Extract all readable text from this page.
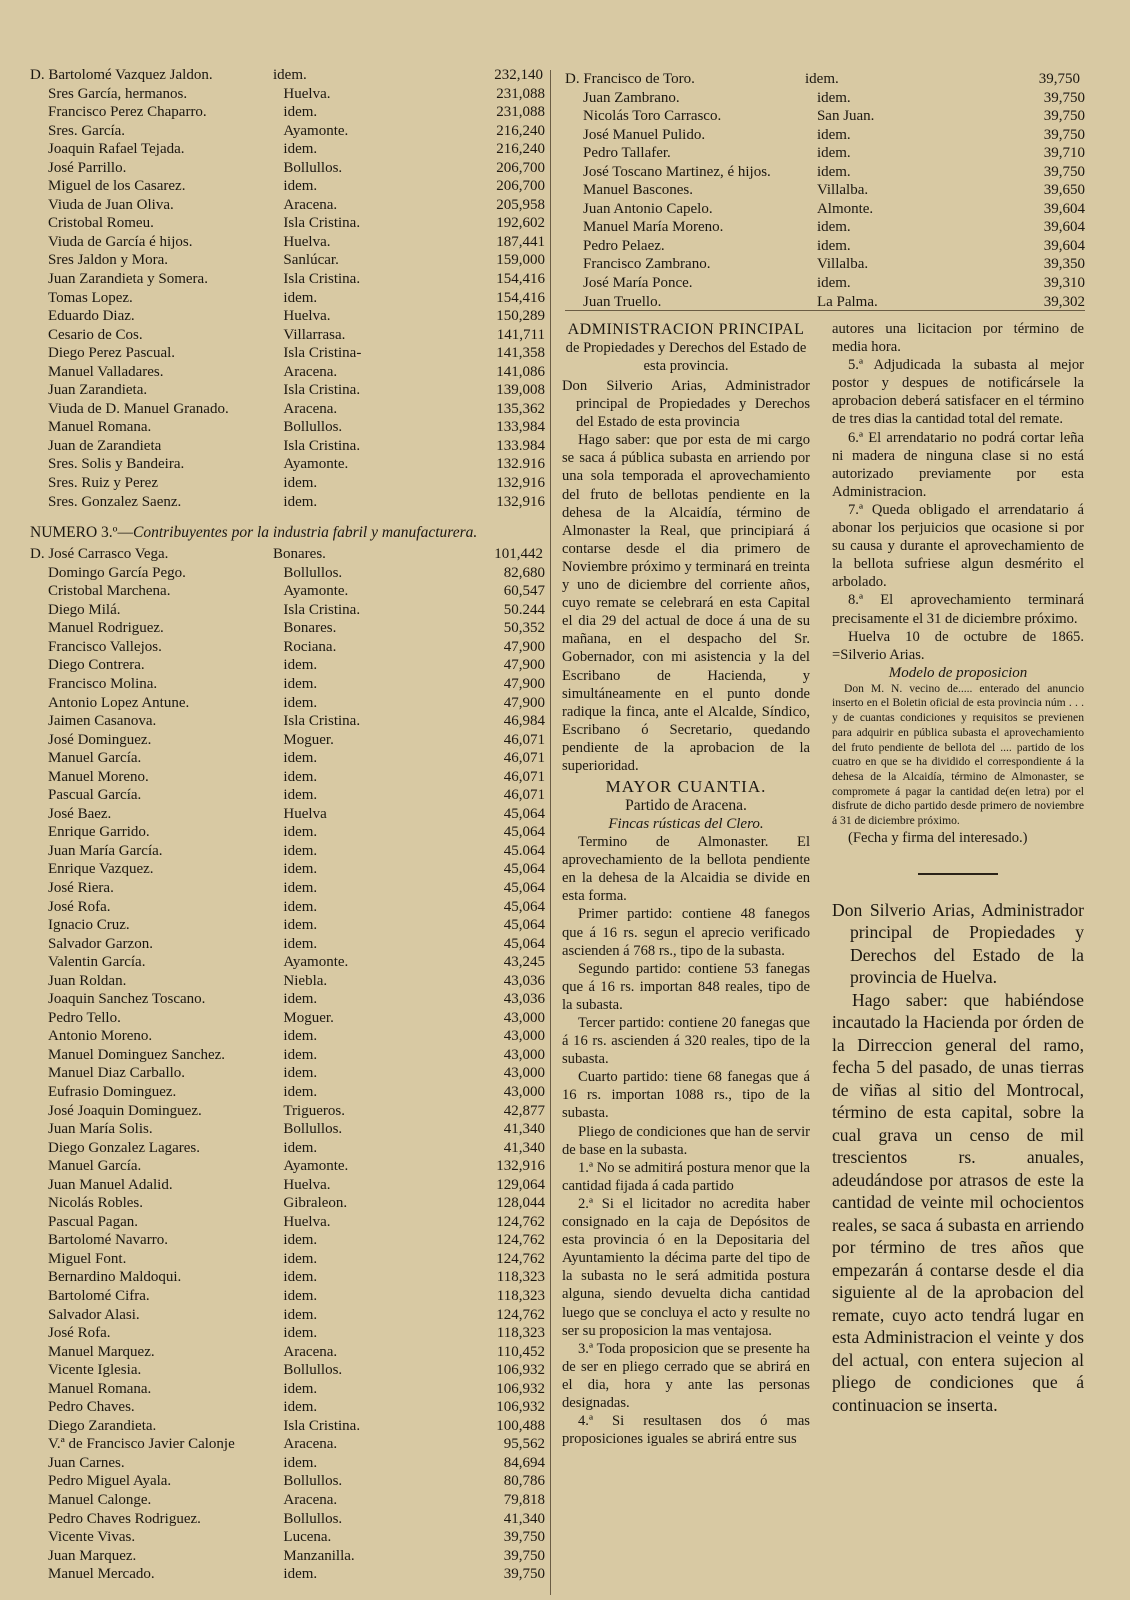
D. Bartolomé Vazquez Jaldon.	idem.	232,140
Sres García, hermanos.	Huelva.	231,088
Francisco Perez Chaparro.	idem.	231,088
Sres. García.	Ayamonte.	216,240
Joaquin Rafael Tejada.	idem.	216,240
José Parrillo.	Bollullos.	206,700
Miguel de los Casarez.	idem.	206,700
Viuda de Juan Oliva.	Aracena.	205,958
Cristobal Romeu.	Isla Cristina.	192,602
Viuda de García é hijos.	Huelva.	187,441
Sres Jaldon y Mora.	Sanlúcar.	159,000
Juan Zarandieta y Somera.	Isla Cristina.	154,416
Tomas Lopez.	idem.	154,416
Eduardo Diaz.	Huelva.	150,289
Cesario de Cos.	Villarrasa.	141,711
Diego Perez Pascual.	Isla Cristina-	141,358
Manuel Valladares.	Aracena.	141,086
Juan Zarandieta.	Isla Cristina.	139,008
Viuda de D. Manuel Granado.	Aracena.	135,362
Manuel Romana.	Bollullos.	133,984
Juan de Zarandieta	Isla Cristina.	133.984
Sres. Solis y Bandeira.	Ayamonte.	132.916
Sres. Ruiz y Perez	idem.	132,916
Sres. Gonzalez Saenz.	idem.	132,916
NUMERO 3.º—Contribuyentes por la industria fabril y manufacturera.
D. José Carrasco Vega.	Bonares.	101,442
Domingo García Pego.	Bollullos.	82,680
Cristobal Marchena.	Ayamonte.	60,547
Diego Milá.	Isla Cristina.	50.244
Manuel Rodriguez.	Bonares.	50,352
Francisco Vallejos.	Rociana.	47,900
Diego Contrera.	idem.	47,900
Francisco Molina.	idem.	47,900
Antonio Lopez Antune.	idem.	47,900
Jaimen Casanova.	Isla Cristina.	46,984
José Dominguez.	Moguer.	46,071
Manuel García.	idem.	46,071
Manuel Moreno.	idem.	46,071
Pascual García.	idem.	46,071
José Baez.	Huelva	45,064
Enrique Garrido.	idem.	45,064
Juan María García.	idem.	45.064
Enrique Vazquez.	idem.	45,064
José Riera.	idem.	45,064
José Rofa.	idem.	45,064
Ignacio Cruz.	idem.	45,064
Salvador Garzon.	idem.	45,064
Valentin García.	Ayamonte.	43,245
Juan Roldan.	Niebla.	43,036
Joaquin Sanchez Toscano.	idem.	43,036
Pedro Tello.	Moguer.	43,000
Antonio Moreno.	idem.	43,000
Manuel Dominguez Sanchez.	idem.	43,000
Manuel Diaz Carballo.	idem.	43,000
Eufrasio Dominguez.	idem.	43,000
José Joaquin Dominguez.	Trigueros.	42,877
Juan María Solis.	Bollullos.	41,340
Diego Gonzalez Lagares.	idem.	41,340
Manuel García.	Ayamonte.	132,916
Juan Manuel Adalid.	Huelva.	129,064
Nicolás Robles.	Gibraleon.	128,044
Pascual Pagan.	Huelva.	124,762
Bartolomé Navarro.	idem.	124,762
Miguel Font.	idem.	124,762
Bernardino Maldoqui.	idem.	118,323
Bartolomé Cifra.	idem.	118,323
Salvador Alasi.	idem.	124,762
José Rofa.	idem.	118,323
Manuel Marquez.	Aracena.	110,452
Vicente Iglesia.	Bollullos.	106,932
Manuel Romana.	idem.	106,932
Pedro Chaves.	idem.	106,932
Diego Zarandieta.	Isla Cristina.	100,488
V.ª de Francisco Javier Calonje	Aracena.	95,562
Juan Carnes.	idem.	84,694
Pedro Miguel Ayala.	Bollullos.	80,786
Manuel Calonge.	Aracena.	79,818
Pedro Chaves Rodriguez.	Bollullos.	41,340
Vicente Vivas.	Lucena.	39,750
Juan Marquez.	Manzanilla.	39,750
Manuel Mercado.	idem.	39,750
D. Francisco de Toro.	idem.	39,750
Juan Zambrano.	idem.	39,750
Nicolás Toro Carrasco.	San Juan.	39,750
José Manuel Pulido.	idem.	39,750
Pedro Tallafer.	idem.	39,710
José Toscano Martinez, é hijos.	idem.	39,750
Manuel Bascones.	Villalba.	39,650
Juan Antonio Capelo.	Almonte.	39,604
Manuel María Moreno.	idem.	39,604
Pedro Pelaez.	idem.	39,604
Francisco Zambrano.	Villalba.	39,350
José María Ponce.	idem.	39,310
Juan Truello.	La Palma.	39,302

ADMINISTRACION PRINCIPAL

de Propiedades y Derechos del Estado de esta provincia.

Don Silverio Arias, Administrador principal de Propiedades y Derechos del Estado de esta provincia

Hago saber: que por esta de mi cargo se saca á pública subasta en arriendo por una sola temporada el aprovechamiento del fruto de bellotas pendiente en la dehesa de la Alcaidía, término de Almonaster la Real, que principiará á contarse desde el dia primero de Noviembre próximo y terminará en treinta y uno de diciembre del corriente años, cuyo remate se celebrará en esta Capital el dia 29 del actual de doce á una de su mañana, en el despacho del Sr. Gobernador, con mi asistencia y la del Escribano de Hacienda, y simultáneamente en el punto donde radique la finca, ante el Alcalde, Síndico, Escribano ó Secretario, quedando pendiente de la aprobacion de la superioridad.

MAYOR CUANTIA.

Partido de Aracena.

Fincas rústicas del Clero.

Termino de Almonaster. El aprovechamiento de la bellota pendiente en la dehesa de la Alcaidia se divide en esta forma.

Primer partido: contiene 48 fanegos que á 16 rs. segun el aprecio verificado ascienden á 768 rs., tipo de la subasta.

Segundo partido: contiene 53 fanegas que á 16 rs. importan 848 reales, tipo de la subasta.

Tercer partido: contiene 20 fanegas que á 16 rs. ascienden á 320 reales, tipo de la subasta.

Cuarto partido: tiene 68 fanegas que á 16 rs. importan 1088 rs., tipo de la subasta.

Pliego de condiciones que han de servir de base en la subasta.

1.ª No se admitirá postura menor que la cantidad fijada á cada partido

2.ª Si el licitador no acredita haber consignado en la caja de Depósitos de esta provincia ó en la Depositaria del Ayuntamiento la décima parte del tipo de la subasta no le será admitida postura alguna, siendo devuelta dicha cantidad luego que se concluya el acto y resulte no ser su proposicion la mas ventajosa.

3.ª Toda proposicion que se presente ha de ser en pliego cerrado que se abrirá en el dia, hora y ante las personas designadas.

4.ª Si resultasen dos ó mas proposiciones iguales se abrirá entre sus

autores una licitacion por término de media hora.

5.ª Adjudicada la subasta al mejor postor y despues de notificársele la aprobacion deberá satisfacer en el término de tres dias la cantidad total del remate.

6.ª El arrendatario no podrá cortar leña ni madera de ninguna clase si no está autorizado previamente por esta Administracion.

7.ª Queda obligado el arrendatario á abonar los perjuicios que ocasione si por su causa y durante el aprovechamiento de la bellota sufriese algun desmérito el arbolado.

8.ª El aprovechamiento terminará precisamente el 31 de diciembre próximo.

Huelva 10 de octubre de 1865. =Silverio Arias.

Modelo de proposicion

Don M. N. vecino de..... enterado del anuncio inserto en el Boletin oficial de esta provincia núm . . . y de cuantas condiciones y requisitos se previenen para adquirir en pública subasta el aprovechamiento del fruto pendiente de bellota del .... partido de los cuatro en que se ha dividido el correspondiente á la dehesa de la Alcaidía, término de Almonaster, se compromete á pagar la cantidad de(en letra) por el disfrute de dicho partido desde primero de noviembre á 31 de diciembre próximo.

(Fecha y firma del interesado.)

Don Silverio Arias, Administrador principal de Propiedades y Derechos del Estado de la provincia de Huelva.

Hago saber: que habiéndose incautado la Hacienda por órden de la Dirreccion general del ramo, fecha 5 del pasado, de unas tierras de viñas al sitio del Montrocal, término de esta capital, sobre la cual grava un censo de mil trescientos rs. anuales, adeudándose por atrasos de este la cantidad de veinte mil ochocientos reales, se saca á subasta en arriendo por término de tres años que empezarán á contarse desde el dia siguiente al de la aprobacion del remate, cuyo acto tendrá lugar en esta Administracion el veinte y dos del actual, con entera sujecion al pliego de condiciones que á continuacion se inserta.
